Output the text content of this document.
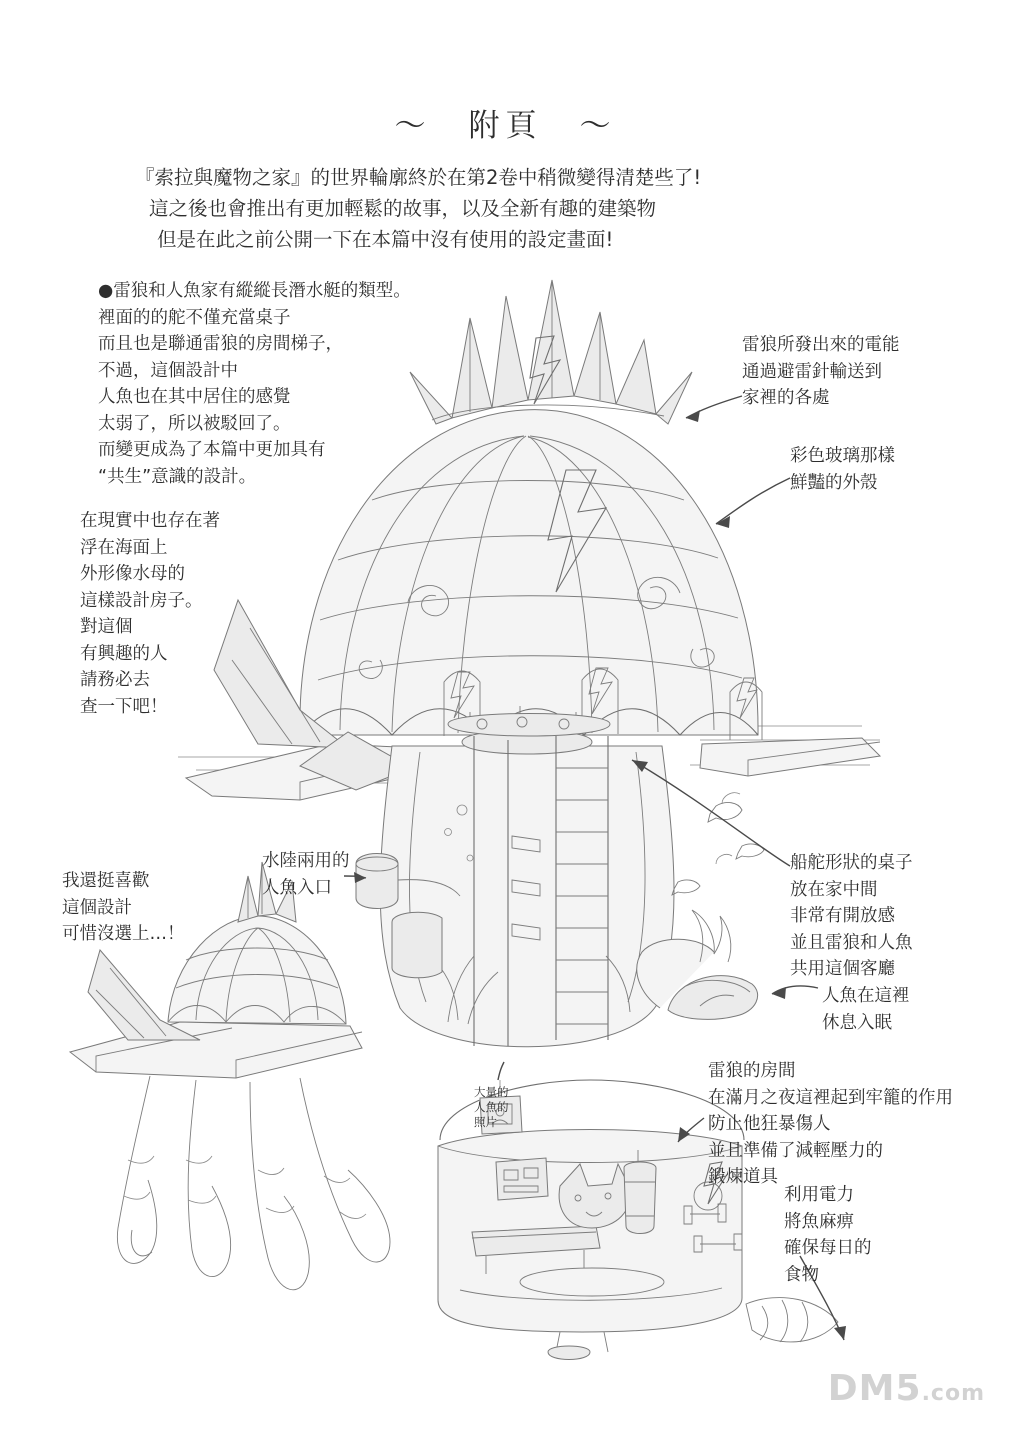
～　附頁　～
『索拉與魔物之家』的世界輪廓終於在第2卷中稍微變得清楚些了!
這之後也會推出有更加輕鬆的故事，以及全新有趣的建築物
但是在此之前公開一下在本篇中沒有使用的設定畫面!
●雷狼和人魚家有縱縱長潛水艇的類型。
裡面的的舵不僅充當桌子
而且也是聯通雷狼的房間梯子，
不過，這個設計中
人魚也在其中居住的感覺
太弱了，所以被駁回了。
而變更成為了本篇中更加具有
“共生”意識的設計。
在現實中也存在著
浮在海面上
外形像水母的
這樣設計房子。
對這個
有興趣的人
請務必去
查一下吧！
我還挺喜歡
這個設計
可惜沒選上…！
雷狼所發出來的電能
通過避雷針輸送到
家裡的各處
彩色玻璃那樣
鮮豔的外殼
船舵形狀的桌子
放在家中間
非常有開放感
並且雷狼和人魚
共用這個客廳
人魚在這裡
休息入眠
雷狼的房間
在滿月之夜這裡起到牢籠的作用
防止他狂暴傷人
並且準備了減輕壓力的
鍛煉道具
利用電力
將魚麻痹
確保每日的
食物
水陸兩用的
人魚入口
大量的
人魚的
照片
DM5.com
